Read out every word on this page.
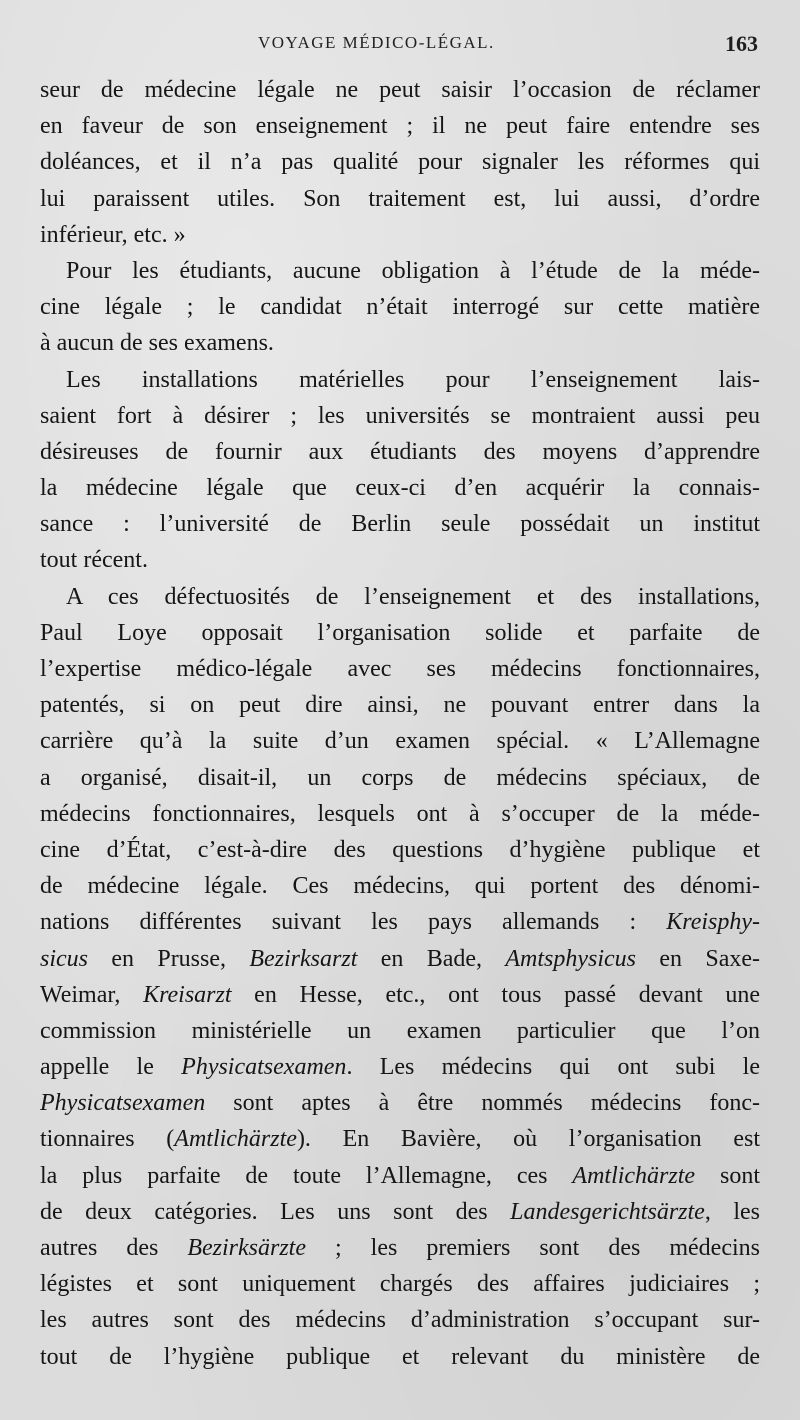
VOYAGE MÉDICO-LÉGAL.	163
seur de médecine légale ne peut saisir l’occasion de réclamer
en faveur de son enseignement ; il ne peut faire entendre ses
doléances, et il n’a pas qualité pour signaler les réformes qui
lui paraissent utiles. Son traitement est, lui aussi, d’ordre
inférieur, etc. »
Pour les étudiants, aucune obligation à l’étude de la méde-
cine légale ; le candidat n’était interrogé sur cette matière
à aucun de ses examens.
Les installations matérielles pour l’enseignement lais-
saient fort à désirer ; les universités se montraient aussi peu
désireuses de fournir aux étudiants des moyens d’apprendre
la médecine légale que ceux-ci d’en acquérir la connais-
sance : l’université de Berlin seule possédait un institut
tout récent.
A ces défectuosités de l’enseignement et des installations,
Paul Loye opposait l’organisation solide et parfaite de
l’expertise médico-légale avec ses médecins fonctionnaires,
patentés, si on peut dire ainsi, ne pouvant entrer dans la
carrière qu’à la suite d’un examen spécial. « L’Allemagne
a organisé, disait-il, un corps de médecins spéciaux, de
médecins fonctionnaires, lesquels ont à s’occuper de la méde-
cine d’État, c’est-à-dire des questions d’hygiène publique et
de médecine légale. Ces médecins, qui portent des dénomi-
nations différentes suivant les pays allemands : Kreisphy-
sicus en Prusse, Bezirksarzt en Bade, Amtsphysicus en Saxe-
Weimar, Kreisarzt en Hesse, etc., ont tous passé devant une
commission ministérielle un examen particulier que l’on
appelle le Physicatsexamen. Les médecins qui ont subi le
Physicatsexamen sont aptes à être nommés médecins fonc-
tionnaires (Amtlichärzte). En Bavière, où l’organisation est
la plus parfaite de toute l’Allemagne, ces Amtlichärzte sont
de deux catégories. Les uns sont des Landesgerichtsärzte, les
autres des Bezirksärzte ; les premiers sont des médecins
légistes et sont uniquement chargés des affaires judiciaires ;
les autres sont des médecins d’administration s’occupant sur-
tout de l’hygiène publique et relevant du ministère de
